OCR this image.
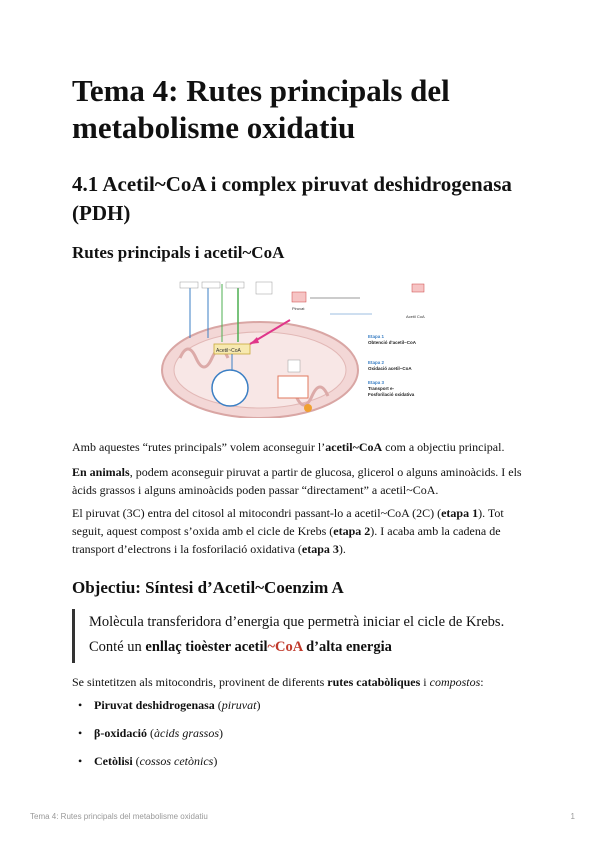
Tema 4: Rutes principals del metabolisme oxidatiu
4.1 Acetil~CoA i complex piruvat deshidrogenasa (PDH)
Rutes principals i acetil~CoA
Acetil~CoA
Piruvat
Acetil CoA
Etapa 1
Obtenció d'acetil~CoA
Etapa 2
Oxidació acetil~CoA
Etapa 3
Transport e-
Fosforilació oxidativa

Amb aquestes “rutes principals” volem aconseguir l’acetil~CoA com a objectiu principal.

En animals, podem aconseguir piruvat a partir de glucosa, glicerol o alguns aminoàcids. I els àcids grassos i alguns aminoàcids poden passar “directament” a acetil~CoA.

El piruvat (3C) entra del citosol al mitocondri passant-lo a acetil~CoA (2C) (etapa 1). Tot seguit, aquest compost s’oxida amb el cicle de Krebs (etapa 2). I acaba amb la cadena de transport d’electrons i la fosforilació oxidativa (etapa 3).

Objectiu: Síntesi d’Acetil~Coenzim A
Molècula transferidora d’energia que permetrà iniciar el cicle de Krebs.
Conté un enllaç tioèster acetil~CoA d’alta energia

Se sintetitzen als mitocondris, provinent de diferents rutes catabòliques i compostos:

• Piruvat deshidrogenasa (piruvat)
• β-oxidació (àcids grassos)
• Cetòlisi (cossos cetònics)
Tema 4: Rutes principals del metabolisme oxidatiu	1
